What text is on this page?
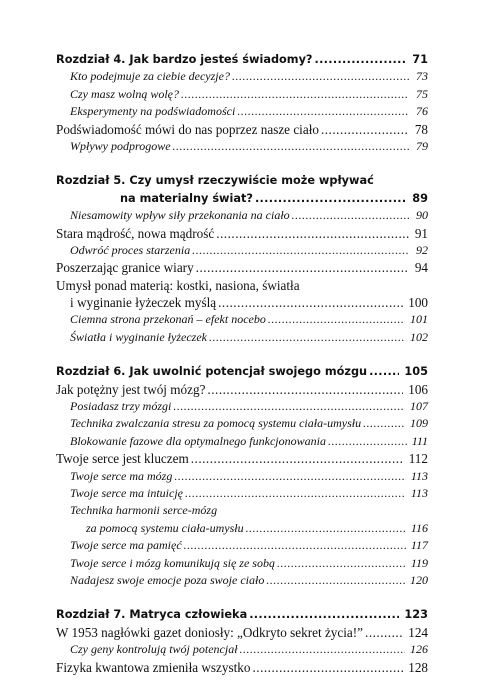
Rozdział 4. Jak bardzo jesteś świadomy? .....	71
Kto podejmuje za ciebie decyzje? .....	73
Czy masz wolną wolę? .....	75
Eksperymenty na podświadomości .....	76
Podświadomość mówi do nas poprzez nasze ciało .....	78
Wpływy podprogowe .....	79
Rozdział 5. Czy umysł rzeczywiście może wpływać
na materialny świat? .....	89
Niesamowity wpływ siły przekonania na ciało .....	90
Stara mądrość, nowa mądrość .....	91
Odwróć proces starzenia .....	92
Poszerzając granice wiary .....	94
Umysł ponad materią: kostki, nasiona, światła
i wyginanie łyżeczek myślą .....	100
Ciemna strona przekonań – efekt nocebo .....	101
Światła i wyginanie łyżeczek .....	102
Rozdział 6. Jak uwolnić potencjał swojego mózgu .....	105
Jak potężny jest twój mózg? .....	106
Posiadasz trzy mózgi .....	107
Technika zwalczania stresu za pomocą systemu ciała-umysłu .....	109
Blokowanie fazowe dla optymalnego funkcjonowania .....	111
Twoje serce jest kluczem .....	112
Twoje serce ma mózg .....	113
Twoje serce ma intuicję .....	113
Technika harmonii serce-mózg
za pomocą systemu ciała-umysłu .....	116
Twoje serce ma pamięć .....	117
Twoje serce i mózg komunikują się ze sobą .....	119
Nadajesz swoje emocje poza swoje ciało .....	120
Rozdział 7. Matryca człowieka .....	123
W 1953 nagłówki gazet doniosły: „Odkryto sekret życia!” .....	124
Czy geny kontrolują twój potencjał .....	126
Fizyka kwantowa zmieniła wszystko .....	128
